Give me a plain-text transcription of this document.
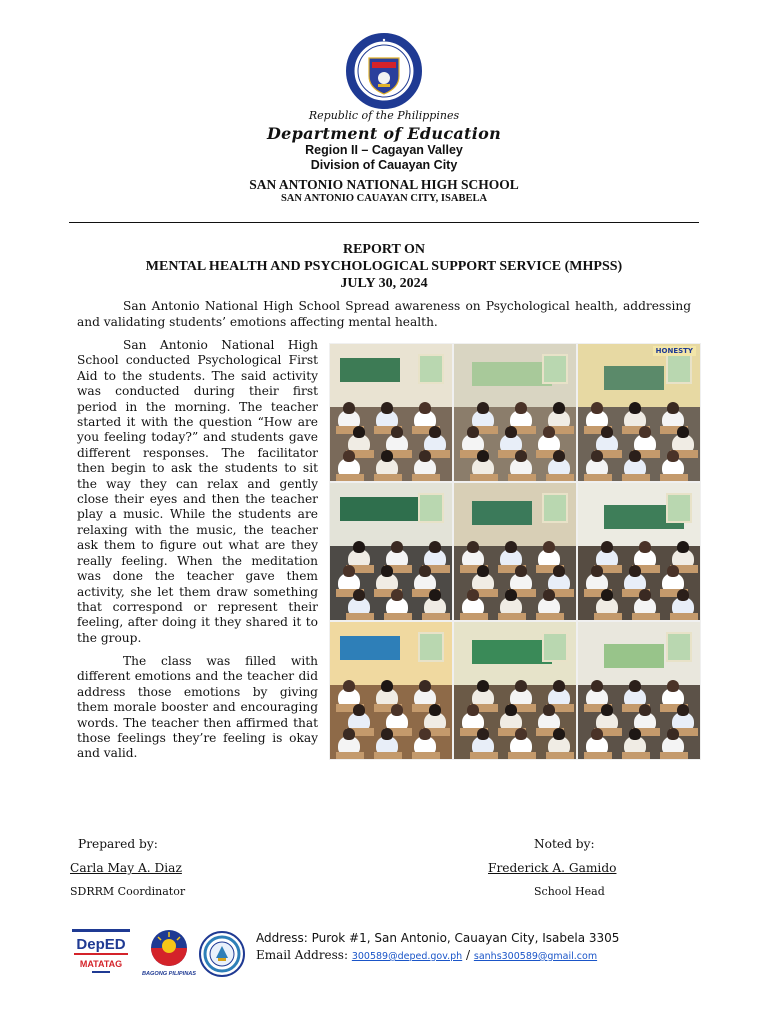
Republic of the Philippines
Department of Education
Region II – Cagayan Valley
Division of Cauayan City
SAN ANTONIO NATIONAL HIGH SCHOOL
SAN ANTONIO CAUAYAN CITY, ISABELA
REPORT ON
MENTAL HEALTH AND PSYCHOLOGICAL SUPPORT SERVICE (MHPSS)
JULY 30, 2024
San Antonio National High School Spread awareness on Psychological health, addressing and validating students’ emotions affecting mental health.
San Antonio National High School conducted Psychological First Aid to the students. The said activity was conducted during their first period in the morning. The teacher started it with the question “How are you feeling today?” and students gave different responses. The facilitator then begin to ask the students to sit the way they can relax and gently close their eyes and then the teacher play a music. While the students are relaxing with the music, the teacher ask them to figure out what are they really feeling. When the meditation was done the teacher gave them activity, she let them draw something that correspond or represent their feeling, after doing it they shared it to the group.
The class was filled with different emotions and the teacher did address those emotions by giving them morale booster and encouraging words. The teacher then affirmed that those feelings they’re feeling is okay and valid.
HONESTY
Prepared by:
Carla May A. Diaz
SDRRM Coordinator
Noted by:
Frederick A. Gamido
School Head
DepED
MATATAG
BAGONG PILIPINAS
Address: Purok #1, San Antonio, Cauayan City, Isabela 3305
Email Address: 300589@deped.gov.ph / sanhs300589@gmail.com
